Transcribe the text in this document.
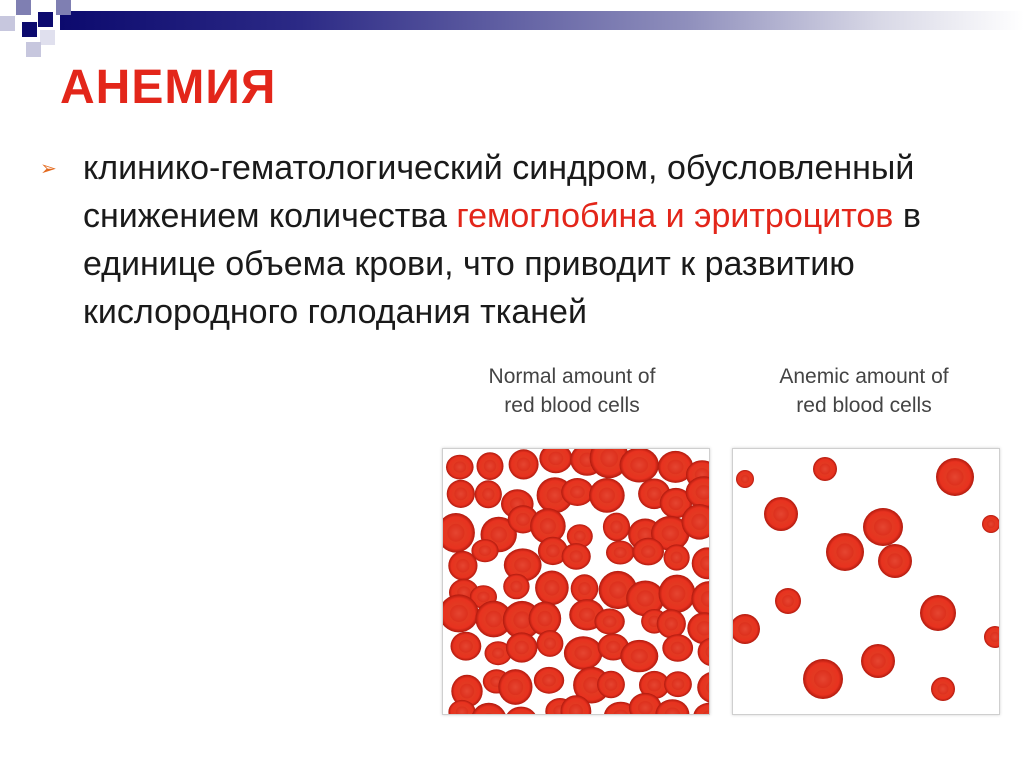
АНЕМИЯ
➢ клинико-гематологический синдром, обусловленный снижением количества гемоглобина и эритроцитов в единице объема крови, что приводит к развитию кислородного голодания тканей

Normal amount of
red blood cells

Anemic amount of
red blood cells
